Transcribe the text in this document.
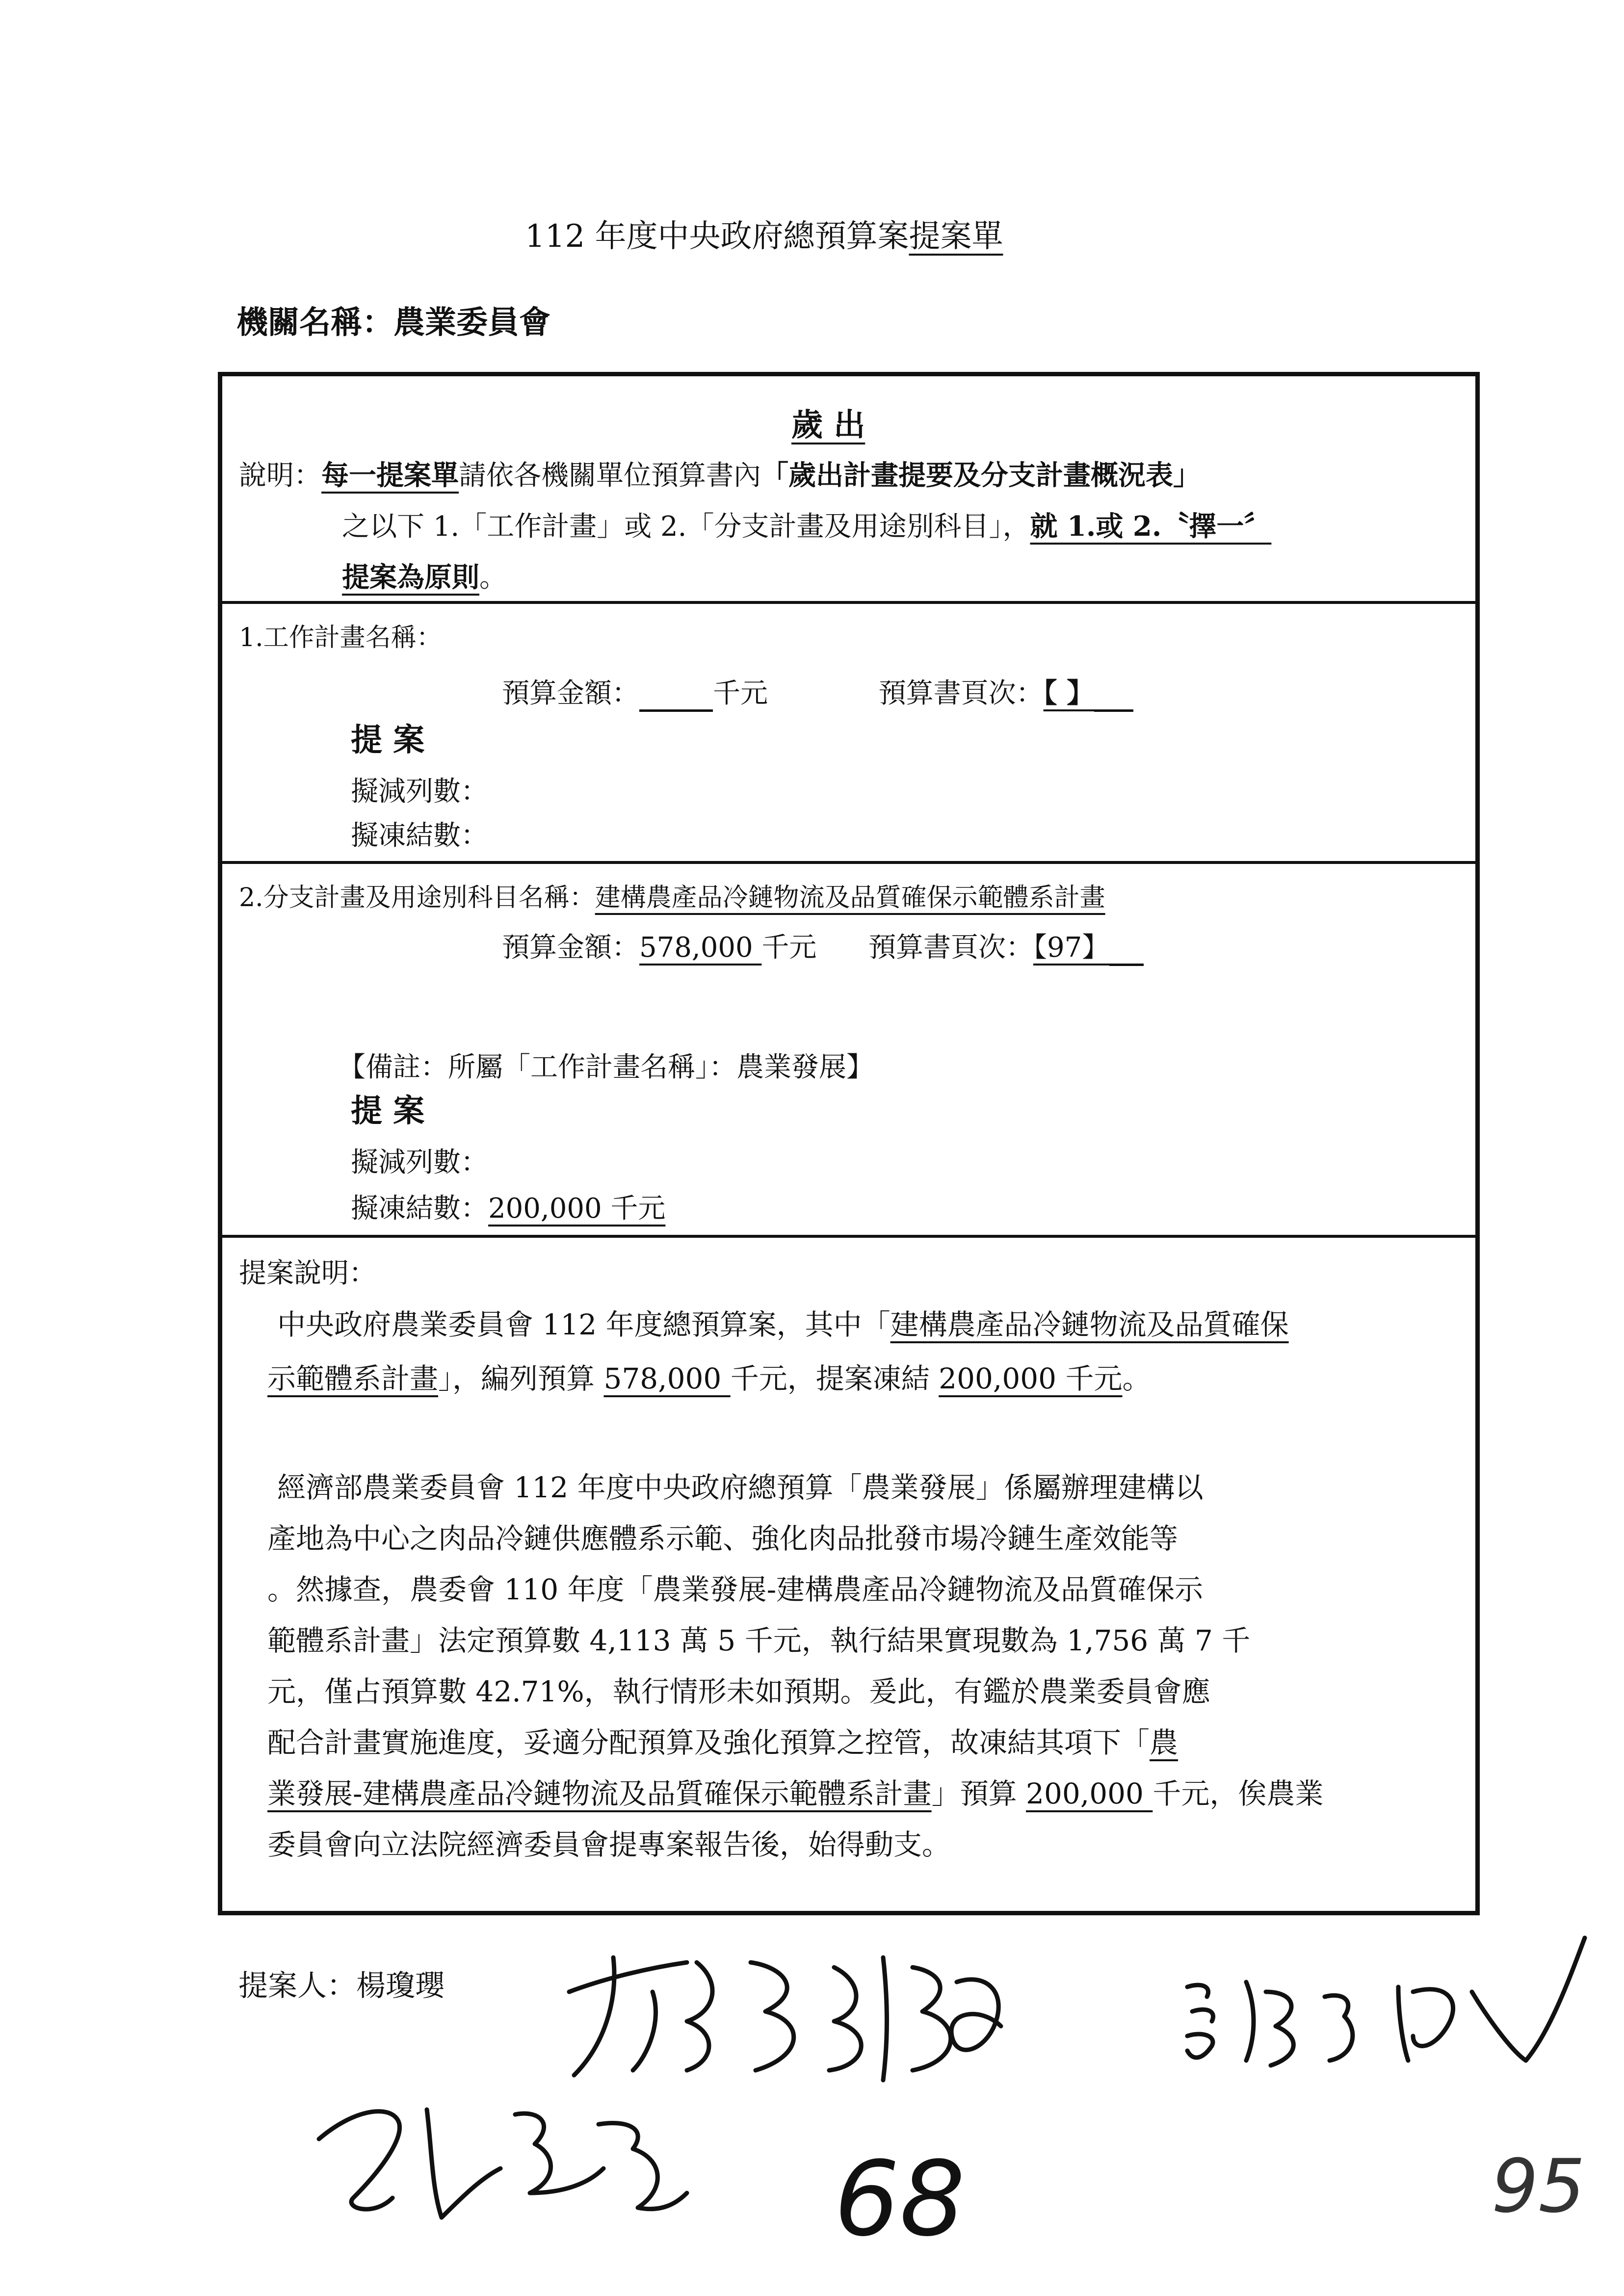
112 年度中央政府總預算案提案單
機關名稱：農業委員會
歲 出
說明：每一提案單請依各機關單位預算書內「歲出計畫提要及分支計畫概況表」
之以下 1.「工作計畫」或 2.「分支計畫及用途別科目」，就 1.或 2.〝擇一〞
提案為原則。
1.工作計畫名稱：
預算金額：	千元	預算書頁次：【 】
提 案
擬減列數：
擬凍結數：
2.分支計畫及用途別科目名稱：建構農產品冷鏈物流及品質確保示範體系計畫
預算金額：578,000 千元 預算書頁次：【97】
【備註：所屬「工作計畫名稱」：農業發展】
提 案
擬減列數：
擬凍結數：200,000 千元
提案說明：
中央政府農業委員會 112 年度總預算案，其中「建構農產品冷鏈物流及品質確保
示範體系計畫」，編列預算 578,000 千元，提案凍結 200,000 千元。
經濟部農業委員會 112 年度中央政府總預算「農業發展」係屬辦理建構以
產地為中心之肉品冷鏈供應體系示範、強化肉品批發市場冷鏈生產效能等
。然據查，農委會 110 年度「農業發展-建構農產品冷鏈物流及品質確保示
範體系計畫」法定預算數 4,113 萬 5 千元，執行結果實現數為 1,756 萬 7 千
元，僅占預算數 42.71%，執行情形未如預期。爰此，有鑑於農業委員會應
配合計畫實施進度，妥適分配預算及強化預算之控管，故凍結其項下「農
業發展-建構農產品冷鏈物流及品質確保示範體系計畫」預算 200,000 千元，俟農業
委員會向立法院經濟委員會提專案報告後，始得動支。
提案人：楊瓊瓔
68	95
